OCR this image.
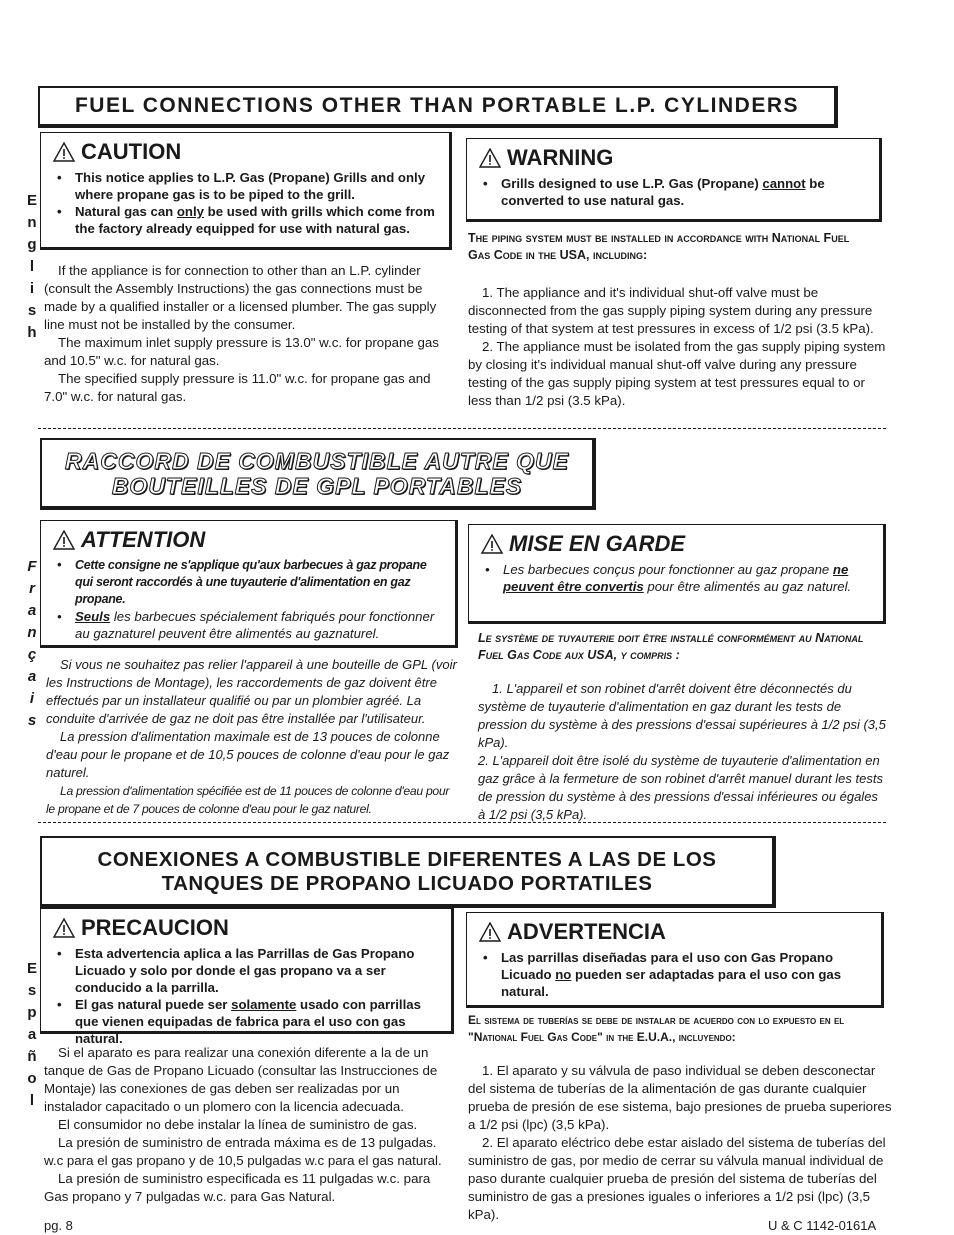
E
n
g
l
i
s
h
FUEL CONNECTIONS OTHER THAN PORTABLE L.P. CYLINDERS
CAUTION
• This notice applies to L.P. Gas (Propane) Grills and only where propane gas is to be piped to the grill.
• Natural gas can only be used with grills which come from the factory already equipped for use with natural gas.
WARNING
• Grills designed to use L.P. Gas (Propane) cannot be converted to use natural gas.
The piping system must be installed in accordance with National Fuel Gas Code in the USA, including:

If the appliance is for connection to other than an L.P. cylinder (consult the Assembly Instructions) the gas connections must be made by a qualified installer or a licensed plumber. The gas supply line must not be installed by the consumer.

The maximum inlet supply pressure is 13.0" w.c. for propane gas and 10.5" w.c. for natural gas.

The specified supply pressure is 11.0" w.c. for propane gas and 7.0" w.c. for natural gas.

1. The appliance and it's individual shut-off valve must be disconnected from the gas supply piping system during any pressure testing of that system at test pressures in excess of 1/2 psi (3.5 kPa).

2. The appliance must be isolated from the gas supply piping system by closing it's individual manual shut-off valve during any pressure testing of the gas supply piping system at test pressures equal to or less than 1/2 psi (3.5 kPa).

F
r
a
n
ç
a
i
s
RACCORD DE COMBUSTIBLE AUTRE QUE
BOUTEILLES DE GPL PORTABLES
ATTENTION
• Cette consigne ne s'applique qu'aux barbecues à gaz propane qui seront raccordés à une tuyauterie d'alimentation en gaz propane.
• Seuls les barbecues spécialement fabriqués pour fonctionner au gaznaturel peuvent être alimentés au gaznaturel.
MISE EN GARDE
• Les barbecues conçus pour fonctionner au gaz propane ne peuvent être convertis pour être alimentés au gaz naturel.
Le système de tuyauterie doit être installé conformément au National Fuel Gas Code aux USA, y compris :

Si vous ne souhaitez pas relier l'appareil à une bouteille de GPL (voir les Instructions de Montage), les raccordements de gaz doivent être effectués par un installateur qualifié ou par un plombier agréé. La conduite d'arrivée de gaz ne doit pas être installée par l'utilisateur.

La pression d'alimentation maximale est de 13 pouces de colonne d'eau pour le propane et de 10,5 pouces de colonne d'eau pour le gaz naturel.

La pression d'alimentation spécifiée est de 11 pouces de colonne d'eau pour le propane et de 7 pouces de colonne d'eau pour le gaz naturel.

1. L'appareil et son robinet d'arrêt doivent être déconnectés du système de tuyauterie d'alimentation en gaz durant les tests de pression du système à des pressions d'essai supérieures à 1/2 psi (3,5 kPa).

2. L'appareil doit être isolé du système de tuyauterie d'alimentation en gaz grâce à la fermeture de son robinet d'arrêt manuel durant les tests de pression du système à des pressions d'essai inférieures ou égales à 1/2 psi (3,5 kPa).

E
s
p
a
ñ
o
l
CONEXIONES A COMBUSTIBLE DIFERENTES A LAS DE LOS
TANQUES DE PROPANO LICUADO PORTATILES
PRECAUCION
• Esta advertencia aplica a las Parrillas de Gas Propano Licuado y solo por donde el gas propano va a ser conducido a la parrilla.
• El gas natural puede ser solamente usado con parrillas que vienen equipadas de fabrica para el uso con gas natural.
ADVERTENCIA
• Las parrillas diseñadas para el uso con Gas Propano Licuado no pueden ser adaptadas para el uso con gas natural.
El sistema de tuberías se debe de instalar de acuerdo con lo expuesto en el "National Fuel Gas Code" in the E.U.A., incluyendo:

Si el aparato es para realizar una conexión diferente a la de un tanque de Gas de Propano Licuado (consultar las Instrucciones de Montaje) las conexiones de gas deben ser realizadas por un instalador capacitado o un plomero con la licencia adecuada.

El consumidor no debe instalar la línea de suministro de gas.

La presión de suministro de entrada máxima es de 13 pulgadas. w.c para el gas propano y de 10,5 pulgadas w.c para el gas natural.

La presión de suministro especificada es 11 pulgadas w.c. para Gas propano y 7 pulgadas w.c. para Gas Natural.

1. El aparato y su válvula de paso individual se deben desconectar del sistema de tuberías de la alimentación de gas durante cualquier prueba de presión de ese sistema, bajo presiones de prueba superiores a 1/2 psi (lpc) (3,5 kPa).

2. El aparato eléctrico debe estar aislado del sistema de tuberías del suministro de gas, por medio de cerrar su válvula manual individual de paso durante cualquier prueba de presión del sistema de tuberías del suministro de gas a presiones iguales o inferiores a 1/2 psi (lpc) (3,5 kPa).

pg. 8	U & C 1142-0161A
